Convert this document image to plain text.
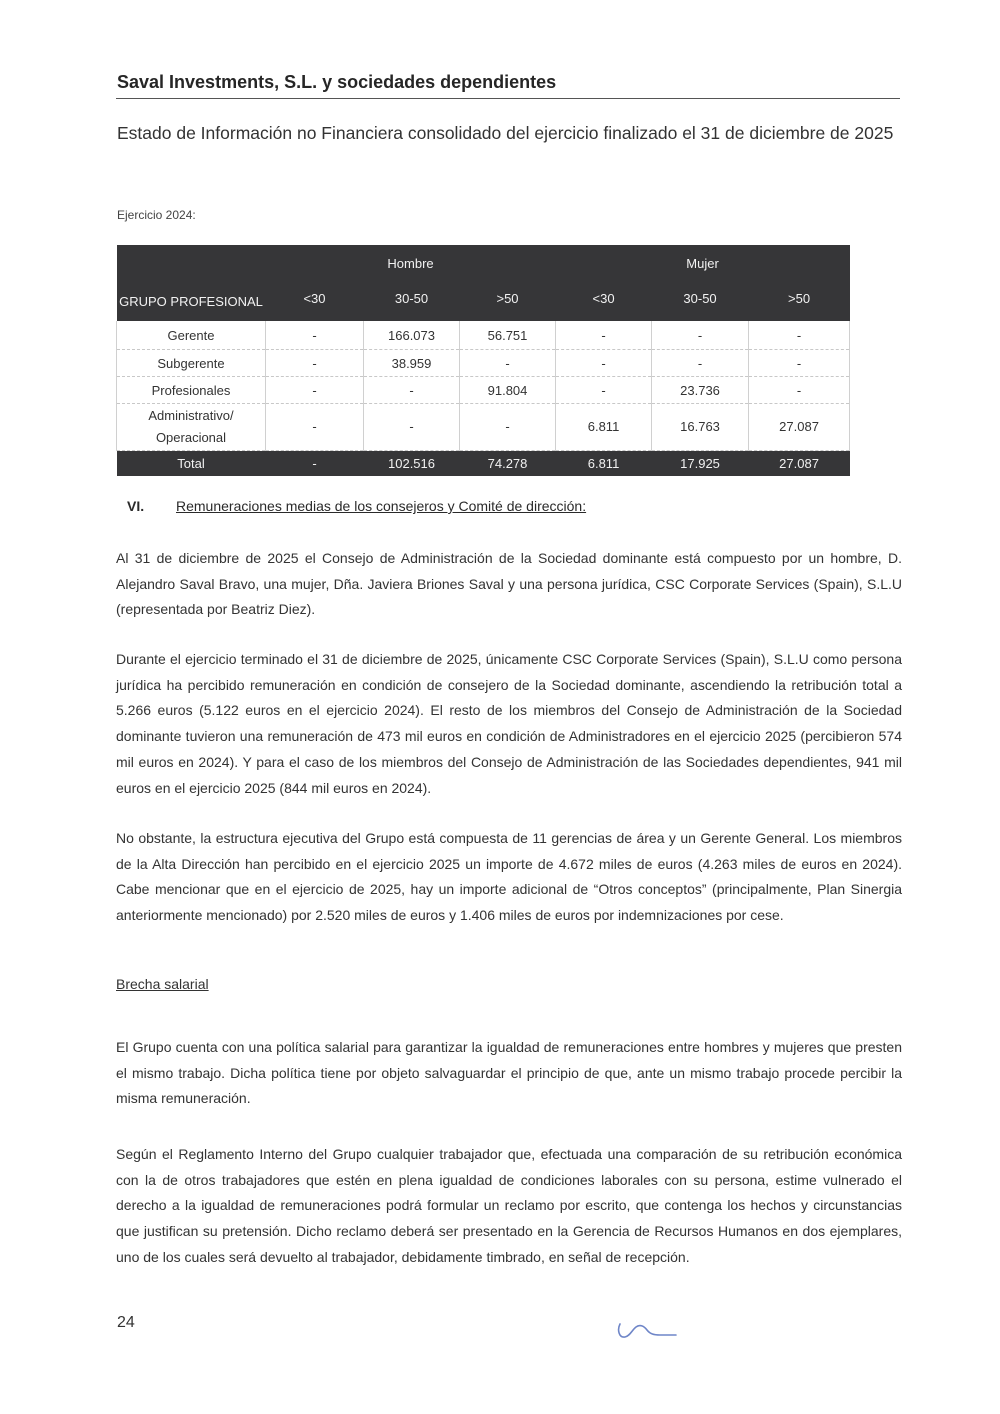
Saval Investments, S.L. y sociedades dependientes
Estado de Información no Financiera consolidado del ejercicio finalizado el 31 de diciembre de 2025
Ejercicio 2024:
GRUPO PROFESIONAL	Hombre			Mujer		
	<30	30-50	>50	<30	30-50	>50
Gerente	-	166.073	56.751	-	-	-
Subgerente	-	38.959	-	-	-	-
Profesionales	-	-	91.804	-	23.736	-
Administrativo/ Operacional	-	-	-	6.811	16.763	27.087
Total	-	102.516	74.278	6.811	17.925	27.087
VI. Remuneraciones medias de los consejeros y Comité de dirección:
Al 31 de diciembre de 2025 el Consejo de Administración de la Sociedad dominante está compuesto por un hombre, D. Alejandro Saval Bravo, una mujer, Dña. Javiera Briones Saval y una persona jurídica, CSC Corporate Services (Spain), S.L.U (representada por Beatriz Diez).
Durante el ejercicio terminado el 31 de diciembre de 2025, únicamente CSC Corporate Services (Spain), S.L.U como persona jurídica ha percibido remuneración en condición de consejero de la Sociedad dominante, ascendiendo la retribución total a 5.266 euros (5.122 euros en el ejercicio 2024). El resto de los miembros del Consejo de Administración de la Sociedad dominante tuvieron una remuneración de 473 mil euros en condición de Administradores en el ejercicio 2025 (percibieron 574 mil euros en 2024). Y para el caso de los miembros del Consejo de Administración de las Sociedades dependientes, 941 mil euros en el ejercicio 2025 (844 mil euros en 2024).
No obstante, la estructura ejecutiva del Grupo está compuesta de 11 gerencias de área y un Gerente General. Los miembros de la Alta Dirección han percibido en el ejercicio 2025 un importe de 4.672 miles de euros (4.263 miles de euros en 2024). Cabe mencionar que en el ejercicio de 2025, hay un importe adicional de “Otros conceptos” (principalmente, Plan Sinergia anteriormente mencionado) por 2.520 miles de euros y 1.406 miles de euros por indemnizaciones por cese.
Brecha salarial
El Grupo cuenta con una política salarial para garantizar la igualdad de remuneraciones entre hombres y mujeres que presten el mismo trabajo. Dicha política tiene por objeto salvaguardar el principio de que, ante un mismo trabajo procede percibir la misma remuneración.
Según el Reglamento Interno del Grupo cualquier trabajador que, efectuada una comparación de su retribución económica con la de otros trabajadores que estén en plena igualdad de condiciones laborales con su persona, estime vulnerado el derecho a la igualdad de remuneraciones podrá formular un reclamo por escrito, que contenga los hechos y circunstancias que justifican su pretensión. Dicho reclamo deberá ser presentado en la Gerencia de Recursos Humanos en dos ejemplares, uno de los cuales será devuelto al trabajador, debidamente timbrado, en señal de recepción.
24
